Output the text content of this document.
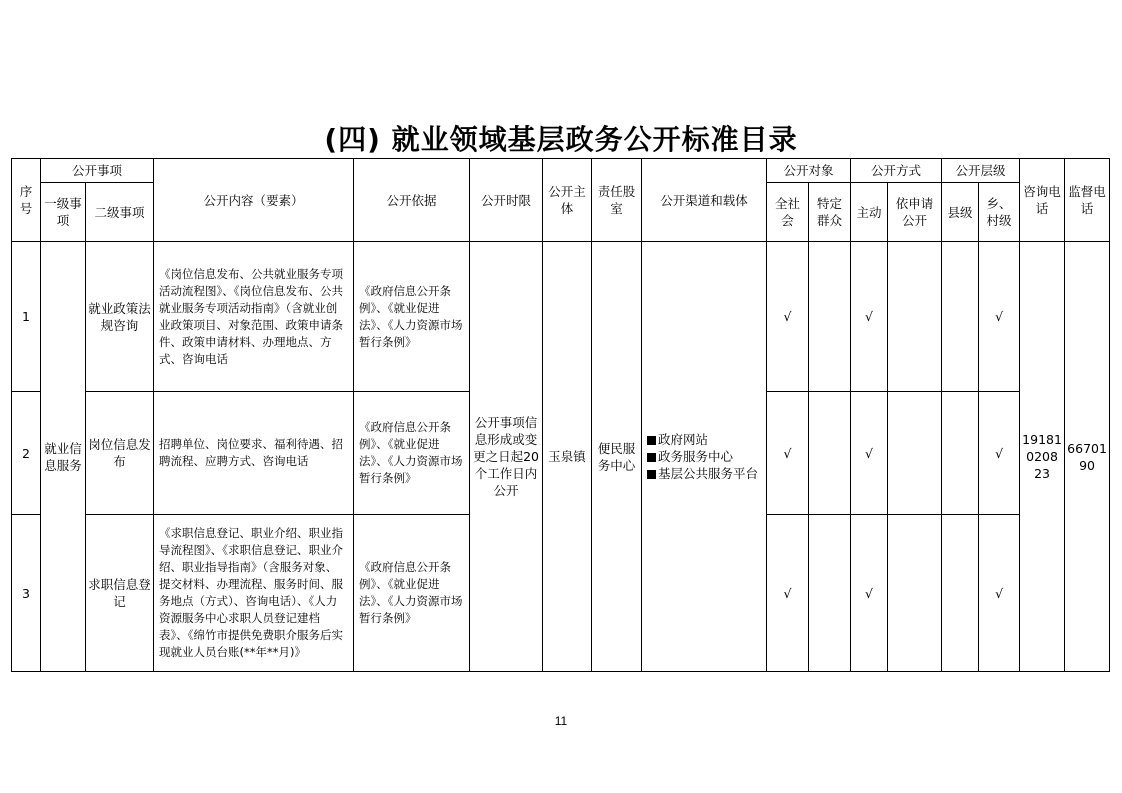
(四) 就业领域基层政务公开标准目录
序号	公开事项		公开内容（要素）	公开依据	公开时限	公开主体	责任股室	公开渠道和载体	公开对象		公开方式		公开层级		咨询电话	监督电话
	一级事项	二级事项							全社会	特定群众	主动	依申请公开	县级	乡、村级		
1	就业信息服务	就业政策法规咨询	《岗位信息发布、公共就业服务专项活动流程图》、《岗位信息发布、公共就业服务专项活动指南》（含就业创业政策项目、对象范围、政策申请条件、政策申请材料、办理地点、方式、咨询电话	《政府信息公开条例》、《就业促进法》、《人力资源市场暂行条例》	公开事项信息形成或变更之日起20个工作日内公开	玉泉镇	便民服务中心	政府网站
政务服务中心
基层公共服务平台	√		√			√	191810208 23	6670190
2		岗位信息发布	招聘单位、岗位要求、福利待遇、招聘流程、应聘方式、咨询电话	《政府信息公开条例》、《就业促进法》、《人力资源市场暂行条例》					√		√			√		
3		求职信息登记	《求职信息登记、职业介绍、职业指导流程图》、《求职信息登记、职业介绍、职业指导指南》（含服务对象、提交材料、办理流程、服务时间、服务地点（方式）、咨询电话）、《人力资源服务中心求职人员登记建档表》、《绵竹市提供免费职介服务后实现就业人员台账(**年**月)》	《政府信息公开条例》、《就业促进法》、《人力资源市场暂行条例》					√		√			√		
11
